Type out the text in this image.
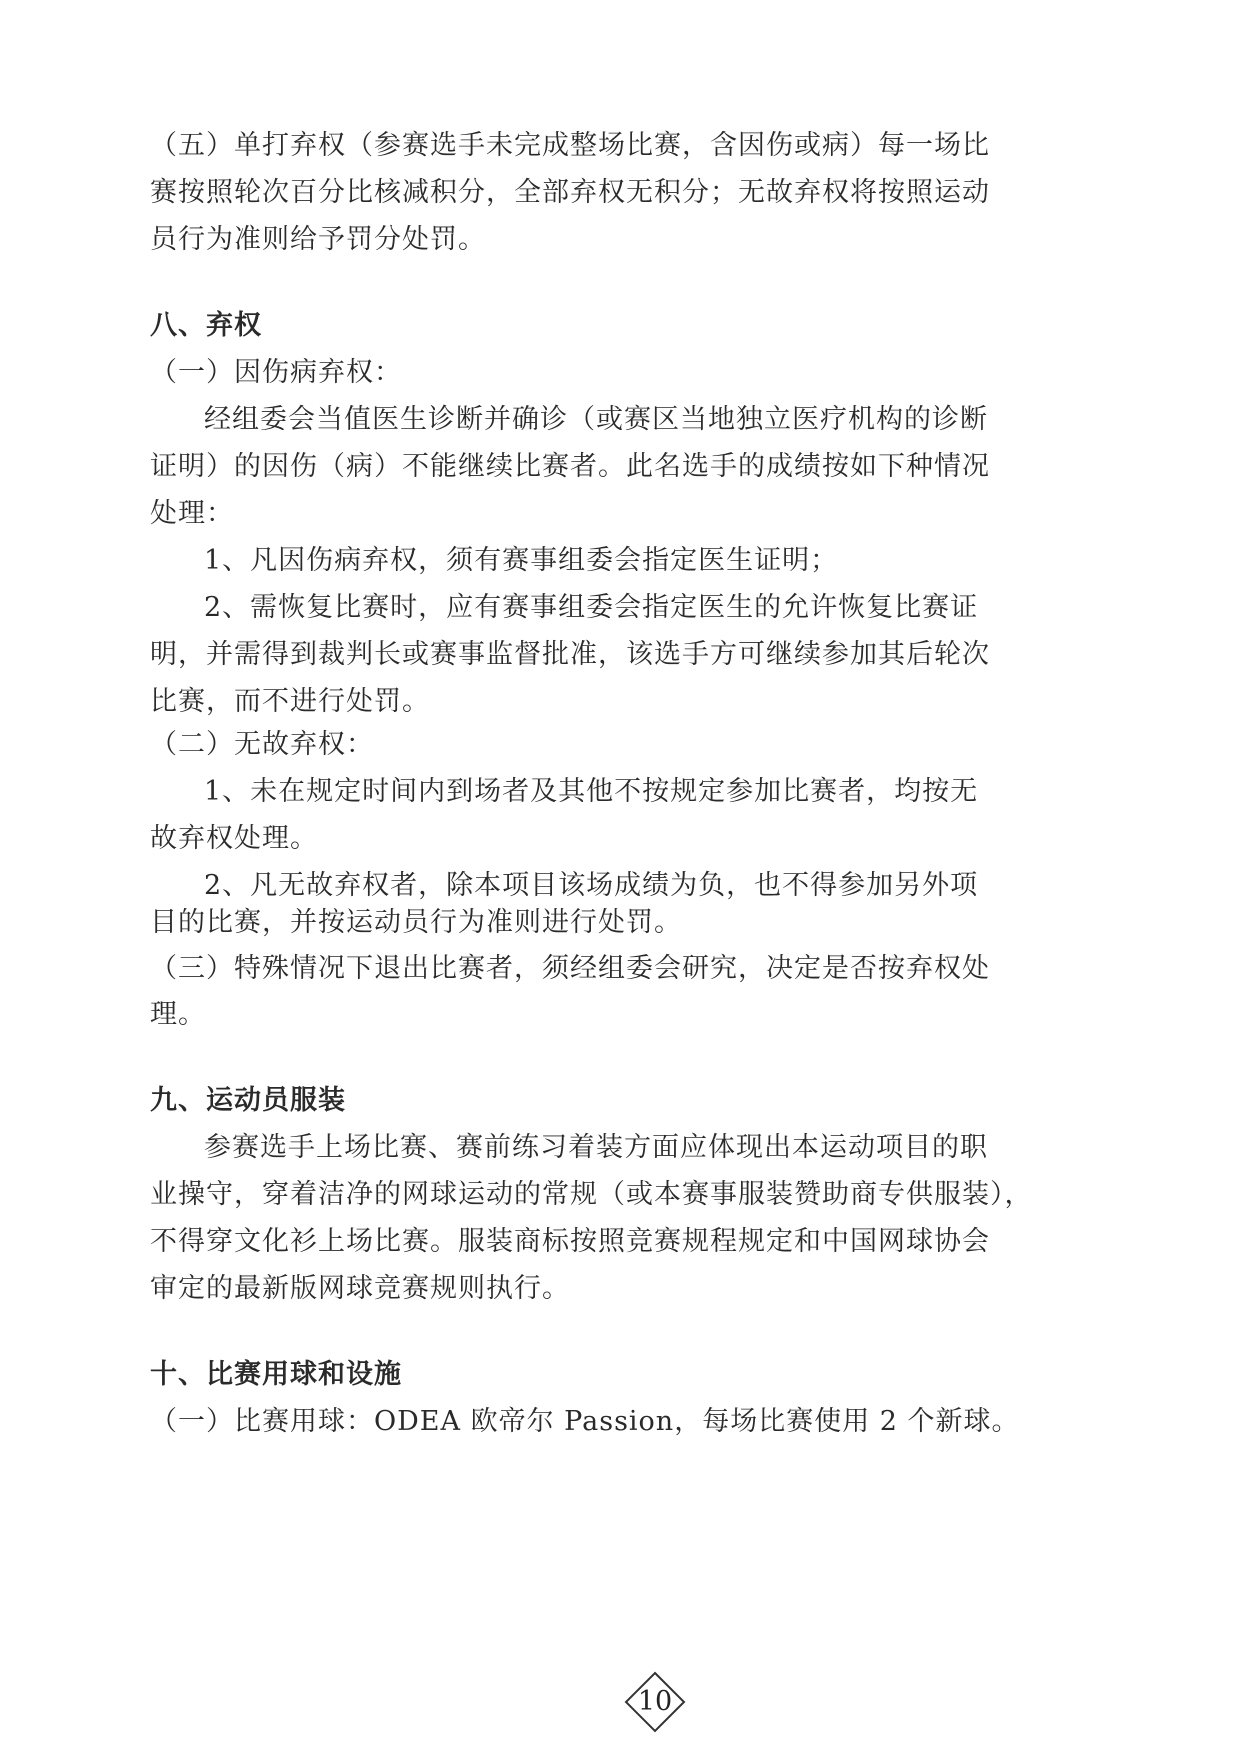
（五）单打弃权（参赛选手未完成整场比赛，含因伤或病）每一场比

赛按照轮次百分比核减积分，全部弃权无积分；无故弃权将按照运动

员行为准则给予罚分处罚。

八、弃权

（一）因伤病弃权：

经组委会当值医生诊断并确诊（或赛区当地独立医疗机构的诊断

证明）的因伤（病）不能继续比赛者。此名选手的成绩按如下种情况

处理：

1、凡因伤病弃权，须有赛事组委会指定医生证明；

2、需恢复比赛时，应有赛事组委会指定医生的允许恢复比赛证

明，并需得到裁判长或赛事监督批准，该选手方可继续参加其后轮次

比赛，而不进行处罚。

（二）无故弃权：

1、未在规定时间内到场者及其他不按规定参加比赛者，均按无

故弃权处理。

2、凡无故弃权者，除本项目该场成绩为负，也不得参加另外项

目的比赛，并按运动员行为准则进行处罚。

（三）特殊情况下退出比赛者，须经组委会研究，决定是否按弃权处

理。

九、运动员服装

参赛选手上场比赛、赛前练习着装方面应体现出本运动项目的职

业操守，穿着洁净的网球运动的常规（或本赛事服装赞助商专供服装），

不得穿文化衫上场比赛。服装商标按照竞赛规程规定和中国网球协会

审定的最新版网球竞赛规则执行。

十、比赛用球和设施

（一）比赛用球：ODEA 欧帝尔 Passion，每场比赛使用 2 个新球。

10
